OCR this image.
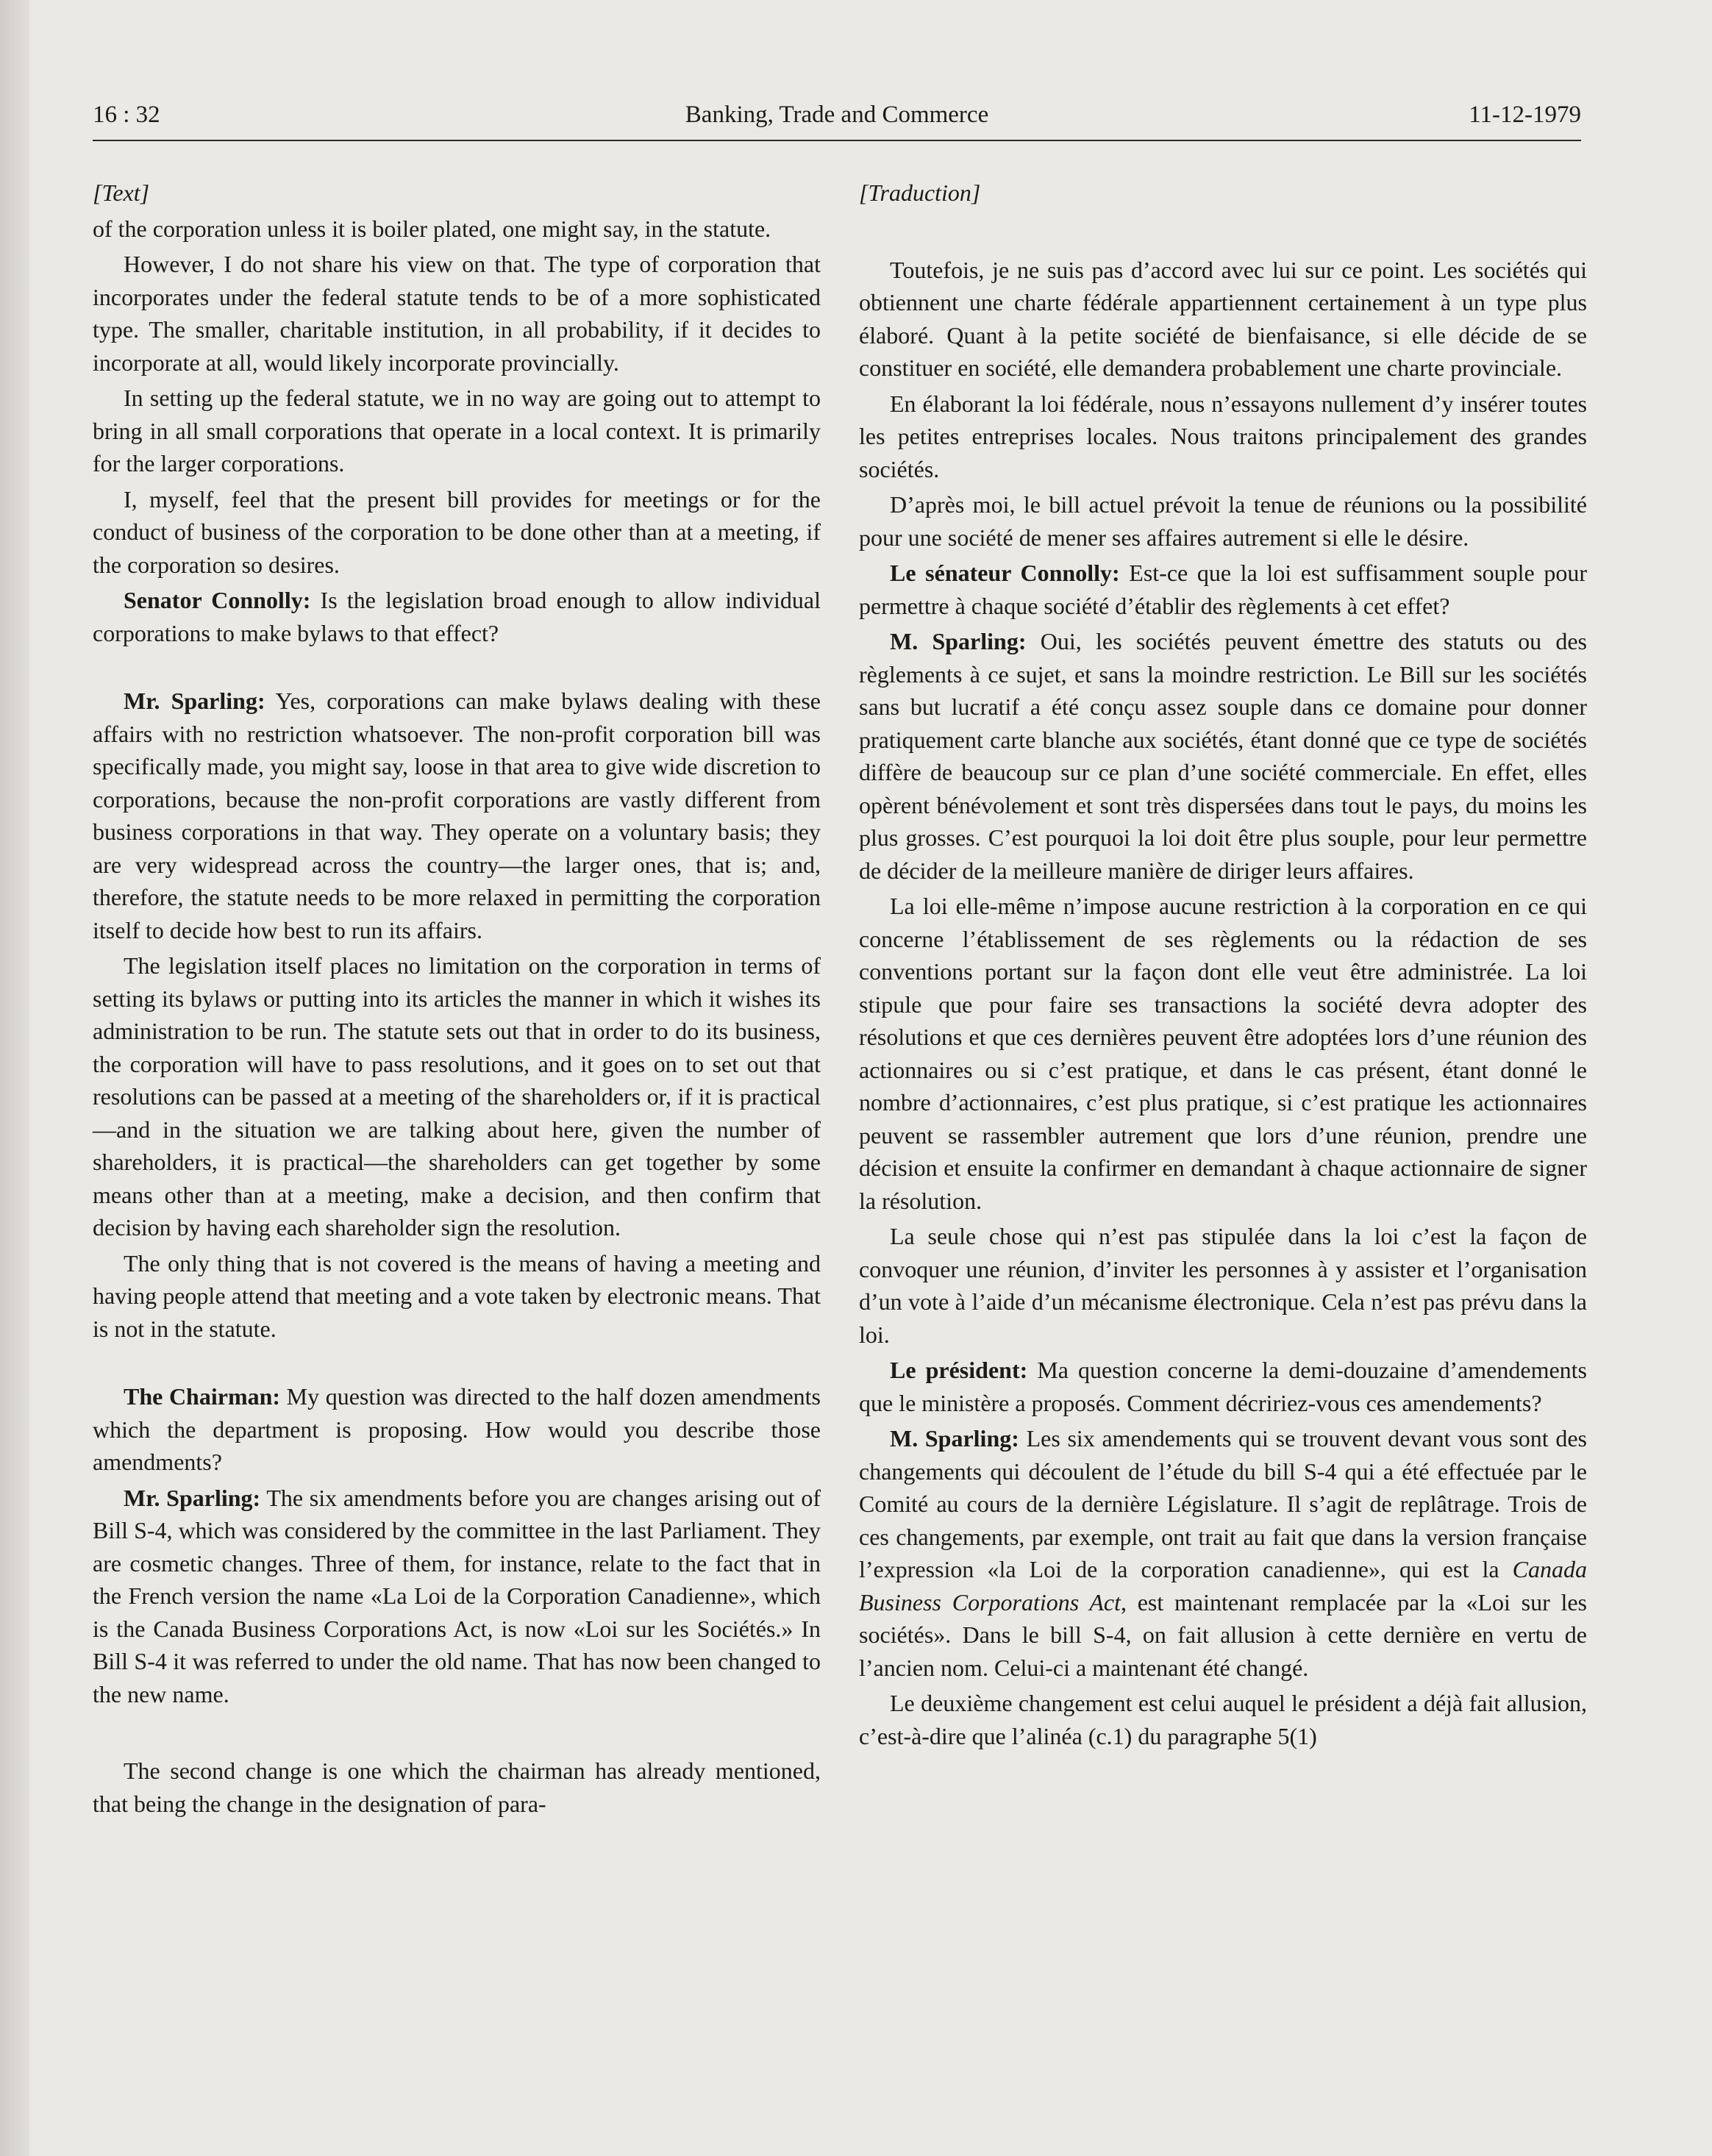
16 : 32	Banking, Trade and Commerce	11-12-1979

[Text]

of the corporation unless it is boiler plated, one might say, in the statute.

However, I do not share his view on that. The type of corporation that incorporates under the federal statute tends to be of a more sophisticated type. The smaller, charitable institution, in all probability, if it decides to incorporate at all, would likely incorporate provincially.

In setting up the federal statute, we in no way are going out to attempt to bring in all small corporations that operate in a local context. It is primarily for the larger corporations.

I, myself, feel that the present bill provides for meetings or for the conduct of business of the corporation to be done other than at a meeting, if the corporation so desires.

Senator Connolly: Is the legislation broad enough to allow individual corporations to make bylaws to that effect?

Mr. Sparling: Yes, corporations can make bylaws dealing with these affairs with no restriction whatsoever. The non-profit corporation bill was specifically made, you might say, loose in that area to give wide discretion to corporations, because the non-profit corporations are vastly different from business corporations in that way. They operate on a voluntary basis; they are very widespread across the country—the larger ones, that is; and, therefore, the statute needs to be more relaxed in permitting the corporation itself to decide how best to run its affairs.

The legislation itself places no limitation on the corporation in terms of setting its bylaws or putting into its articles the manner in which it wishes its administration to be run. The statute sets out that in order to do its business, the corporation will have to pass resolutions, and it goes on to set out that resolutions can be passed at a meeting of the shareholders or, if it is practical—and in the situation we are talking about here, given the number of shareholders, it is practical—the shareholders can get together by some means other than at a meeting, make a decision, and then confirm that decision by having each shareholder sign the resolution.

The only thing that is not covered is the means of having a meeting and having people attend that meeting and a vote taken by electronic means. That is not in the statute.

The Chairman: My question was directed to the half dozen amendments which the department is proposing. How would you describe those amendments?

Mr. Sparling: The six amendments before you are changes arising out of Bill S-4, which was considered by the committee in the last Parliament. They are cosmetic changes. Three of them, for instance, relate to the fact that in the French version the name «La Loi de la Corporation Canadienne», which is the Canada Business Corporations Act, is now «Loi sur les Sociétés.» In Bill S-4 it was referred to under the old name. That has now been changed to the new name.

The second change is one which the chairman has already mentioned, that being the change in the designation of para-

[Traduction]

Toutefois, je ne suis pas d’accord avec lui sur ce point. Les sociétés qui obtiennent une charte fédérale appartiennent certainement à un type plus élaboré. Quant à la petite société de bienfaisance, si elle décide de se constituer en société, elle demandera probablement une charte provinciale.

En élaborant la loi fédérale, nous n’essayons nullement d’y insérer toutes les petites entreprises locales. Nous traitons principalement des grandes sociétés.

D’après moi, le bill actuel prévoit la tenue de réunions ou la possibilité pour une société de mener ses affaires autrement si elle le désire.

Le sénateur Connolly: Est-ce que la loi est suffisamment souple pour permettre à chaque société d’établir des règlements à cet effet?

M. Sparling: Oui, les sociétés peuvent émettre des statuts ou des règlements à ce sujet, et sans la moindre restriction. Le Bill sur les sociétés sans but lucratif a été conçu assez souple dans ce domaine pour donner pratiquement carte blanche aux sociétés, étant donné que ce type de sociétés diffère de beaucoup sur ce plan d’une société commerciale. En effet, elles opèrent bénévolement et sont très dispersées dans tout le pays, du moins les plus grosses. C’est pourquoi la loi doit être plus souple, pour leur permettre de décider de la meilleure manière de diriger leurs affaires.

La loi elle-même n’impose aucune restriction à la corporation en ce qui concerne l’établissement de ses règlements ou la rédaction de ses conventions portant sur la façon dont elle veut être administrée. La loi stipule que pour faire ses transactions la société devra adopter des résolutions et que ces dernières peuvent être adoptées lors d’une réunion des actionnaires ou si c’est pratique, et dans le cas présent, étant donné le nombre d’actionnaires, c’est plus pratique, si c’est pratique les actionnaires peuvent se rassembler autrement que lors d’une réunion, prendre une décision et ensuite la confirmer en demandant à chaque actionnaire de signer la résolution.

La seule chose qui n’est pas stipulée dans la loi c’est la façon de convoquer une réunion, d’inviter les personnes à y assister et l’organisation d’un vote à l’aide d’un mécanisme électronique. Cela n’est pas prévu dans la loi.

Le président: Ma question concerne la demi-douzaine d’amendements que le ministère a proposés. Comment décririez-vous ces amendements?

M. Sparling: Les six amendements qui se trouvent devant vous sont des changements qui découlent de l’étude du bill S-4 qui a été effectuée par le Comité au cours de la dernière Législature. Il s’agit de replâtrage. Trois de ces changements, par exemple, ont trait au fait que dans la version française l’expression «la Loi de la corporation canadienne», qui est la Canada Business Corporations Act, est maintenant remplacée par la «Loi sur les sociétés». Dans le bill S-4, on fait allusion à cette dernière en vertu de l’ancien nom. Celui-ci a maintenant été changé.

Le deuxième changement est celui auquel le président a déjà fait allusion, c’est-à-dire que l’alinéa (c.1) du paragraphe 5(1)
